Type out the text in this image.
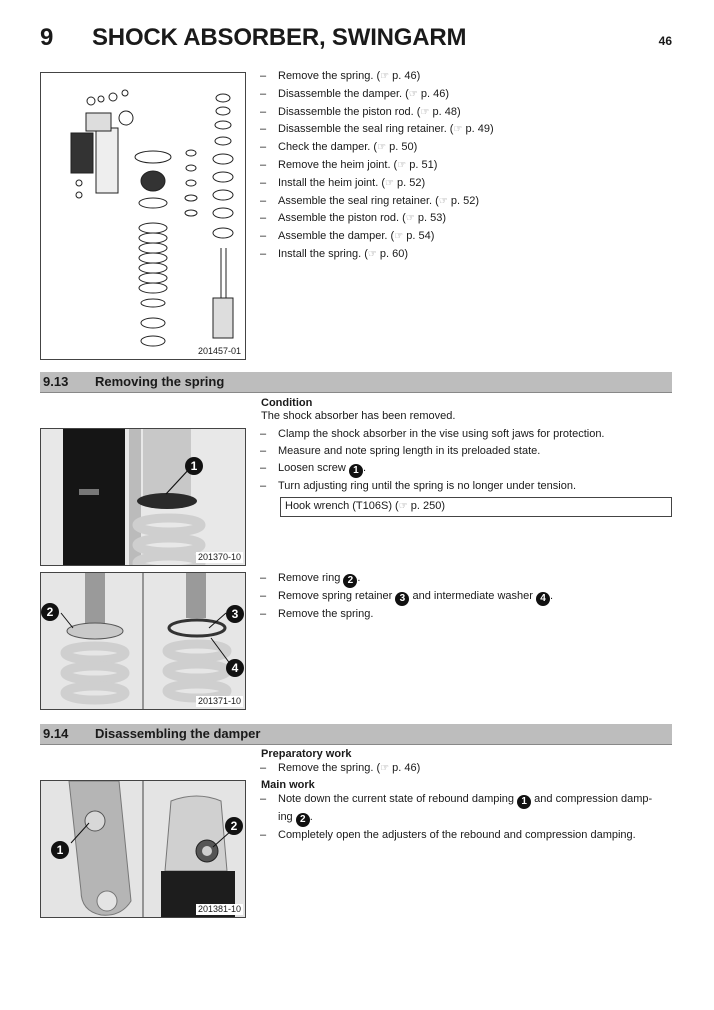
9 SHOCK ABSORBER, SWINGARM	46
201457-01
– Remove the spring. (☞ p. 46)
– Disassemble the damper. (☞ p. 46)
– Disassemble the piston rod. (☞ p. 48)
– Disassemble the seal ring retainer. (☞ p. 49)
– Check the damper. (☞ p. 50)
– Remove the heim joint. (☞ p. 51)
– Install the heim joint. (☞ p. 52)
– Assemble the seal ring retainer. (☞ p. 52)
– Assemble the piston rod. (☞ p. 53)
– Assemble the damper. (☞ p. 54)
– Install the spring. (☞ p. 60)
9.13 Removing the spring
Condition
The shock absorber has been removed.
– Clamp the shock absorber in the vise using soft jaws for protection.
– Measure and note spring length in its preloaded state.
– Loosen screw 1 .
– Turn adjusting ring until the spring is no longer under tension.
Hook wrench (T106S) (☞ p. 250)
1
201370-10
2	3
4
201371-10
– Remove ring 2 .
– Remove spring retainer 3 and intermediate washer 4 .
– Remove the spring.
9.14 Disassembling the damper
Preparatory work
– Remove the spring. (☞ p. 46)
Main work
– Note down the current state of rebound damping 1 and compression damp-
ing 2 .
– Completely open the adjusters of the rebound and compression damping.
1
2
201381-10
